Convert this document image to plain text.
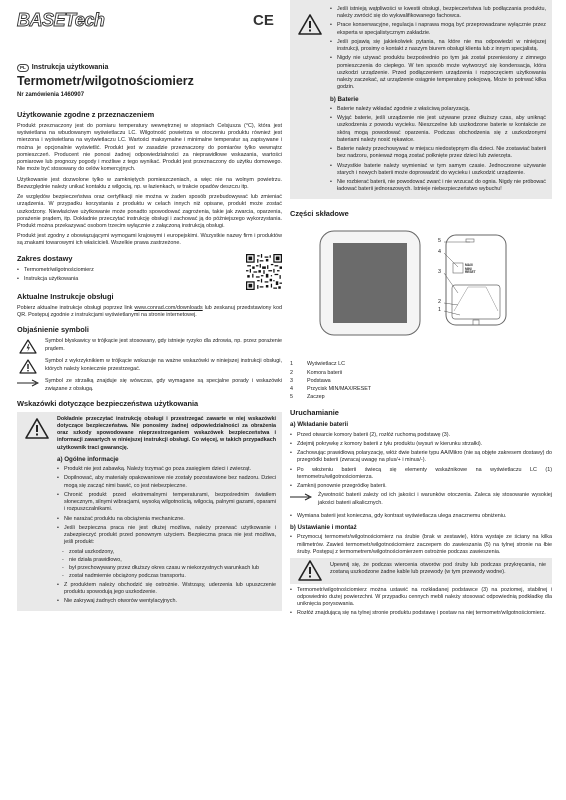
BASETech	CE
PL Instrukcja użytkowania
Termometr/wilgotnościomierz
Nr zamówienia 1460907
Użytkowanie zgodne z przeznaczeniem

Produkt przeznaczony jest do pomiaru temperatury wewnętrznej w stopniach Celsjusza (°C), która jest wyświetlana na wbudowanym wyświetlaczu LC. Wilgotność powietrza w otoczeniu produktu również jest mierzona i wyświetlana na wyświetlaczu LC. Wartości maksymalne i minimalne temperatur są zapisywane i można je opcjonalnie wyświetlić. Produkt jest w zasadzie przeznaczony do pomiarów tylko wewnątrz pomieszczeń. Producent nie ponosi żadnej odpowiedzialności za nieprawidłowe wskazania, wartości pomiarowe lub prognozy pogody i możliwe z tego wynikać. Produkt jest przeznaczony do użytku domowego. Nie może być stosowany do celów komercyjnych.

Użytkowanie jest dozwolone tylko w zamkniętych pomieszczeniach, a więc nie na wolnym powietrzu. Bezwzględnie należy unikać kontaktu z wilgocią, np. w łazienkach, w trakcie opadów deszczu itp.

Ze względów bezpieczeństwa oraz certyfikacji nie można w żaden sposób przebudowywać lub zmieniać urządzenia. W przypadku korzystania z produktu w celach innych niż opisane, produkt może zostać uszkodzony. Niewłaściwe użytkowanie może ponadto spowodować zagrożenia, takie jak zwarcia, oparzenia, porażenie prądem, itp. Dokładnie przeczytać instrukcję obsługi i zachować ją do późniejszego wykorzystania. Produkt można przekazywać osobom trzecim wyłącznie z załączoną instrukcją obsługi.

Produkt jest zgodny z obowiązującymi wymogami krajowymi i europejskimi. Wszystkie nazwy firm i produktów są znakami towarowymi ich właścicieli. Wszelkie prawa zastrzeżone.

Zakres dostawy
• Termometr/wilgotnościomierz
• Instrukcja użytkowania
Aktualne Instrukcje obsługi

Pobierz aktualne instrukcje obsługi poprzez link www.conrad.com/downloads lub zeskanuj przedstawiony kod QR. Postępuj zgodnie z instrukcjami wyświetlanymi na stronie internetowej.

Objaśnienie symboli

Symbol błyskawicy w trójkącie jest stosowany, gdy istnieje ryzyko dla zdrowia, np. przez porażenie prądem.

Symbol z wykrzyknikiem w trójkącie wskazuje na ważne wskazówki w niniejszej instrukcji obsługi, których należy koniecznie przestrzegać.

Symbol ze strzałką znajduje się wówczas, gdy wymagane są specjalne porady i wskazówki związane z obsługą.

Wskazówki dotyczące bezpieczeństwa użytkowania
Dokładnie przeczytać instrukcję obsługi i przestrzegać zawarte w niej wskazówki dotyczące bezpieczeństwa. Nie ponosimy żadnej odpowiedzialności za obrażenia oraz szkody spowodowane nieprzestrzeganiem wskazówek bezpieczeństwa i informacji zawartych w niniejszej instrukcji obsługi. Co więcej, w takich przypadkach użytkownik traci gwarancję.
a) Ogólne informacje
• Produkt nie jest zabawką. Należy trzymać go poza zasięgiem dzieci i zwierząt.
• Dopilnować, aby materiały opakowaniowe nie zostały pozostawione bez nadzoru. Dzieci mogą się zacząć nimi bawić, co jest niebezpieczne.
• Chronić produkt przed ekstremalnymi temperaturami, bezpośrednim światłem słonecznym, silnymi wibracjami, wysoką wilgotnością, wilgocią, palnymi gazami, oparami i rozpuszczalnikami.
• Nie narażać produktu na obciążenia mechaniczne.
• Jeśli bezpieczna praca nie jest dłużej możliwa, należy przerwać użytkowanie i zabezpieczyć produkt przed ponownym użyciem. Bezpieczna praca nie jest możliwa, jeśli produkt:
- został uszkodzony,
- nie działa prawidłowo,
- był przechowywany przez dłuższy okres czasu w niekorzystnych warunkach lub
- został nadmiernie obciążony podczas transportu.
• Z produktem należy obchodzić się ostrożnie. Wstrząsy, uderzenia lub upuszczenie produktu spowodują jego uszkodzenie.
• Nie zakrywaj żadnych otworów wentylacyjnych.
• Jeśli istnieją wątpliwości w kwestii obsługi, bezpieczeństwa lub podłączania produktu, należy zwrócić się do wykwalifikowanego fachowca.
• Prace konserwacyjne, regulacja i naprawa mogą być przeprowadzane wyłącznie przez eksperta w specjalistycznym zakładzie.
• Jeśli pojawią się jakiekolwiek pytania, na które nie ma odpowiedzi w niniejszej instrukcji, prosimy o kontakt z naszym biurem obsługi klienta lub z innym specjalistą.
• Nigdy nie używać produktu bezpośrednio po tym jak został przeniesiony z zimnego pomieszczenia do ciepłego. W ten sposób może wytworzyć się kondensacja, która uszkodzi urządzenie. Przed podłączeniem urządzenia i rozpoczęciem użytkowania należy zaczekać, aż urządzenie osiągnie temperaturę pokojową. Może to potrwać kilka godzin.
b) Baterie
• Baterie należy wkładać zgodnie z właściwą polaryzacją.
• Wyjąć baterie, jeśli urządzenie nie jest używane przez dłuższy czas, aby uniknąć uszkodzenia z powodu wycieku. Nieszczelne lub uszkodzone baterie w kontakcie ze skórą mogą powodować oparzenia. Podczas obchodzenia się z uszkodzonymi bateriami należy nosić rękawice.
• Baterie należy przechowywać w miejscu niedostępnym dla dzieci. Nie zostawiać baterii bez nadzoru, ponieważ mogą zostać połknięte przez dzieci lub zwierzęta.
• Wszystkie baterie należy wymieniać w tym samym czasie. Jednoczesne używanie starych i nowych baterii może doprowadzić do wycieku i uszkodzić urządzenie.
• Nie rozbierać baterii, nie powodować zwarć i nie wrzucać do ognia. Nigdy nie próbować ładować baterii jednorazowych. Istnieje niebezpieczeństwo wybuchu!
Części składowe
MAX/
MIN/
RESET
5
4
3
2
1
1	Wyświetlacz LC
2	Komora baterii
3	Podstawa
4	Przycisk MIN/MAX/RESET
5	Zaczep
Uruchamianie
a) Wkładanie baterii
• Przed otwarcie komory baterii (2), rozłóż ruchomą podstawę (3).
• Zdejmij pokrywkę z komory baterii z tyłu produktu (wysuń w kierunku strzałki).
• Zachowując prawidłową polaryzację, włóż dwie baterie typu AA/Mikro (nie są objęte zakresem dostawy) do przegródki baterii (zwracaj uwagę na plus/+ i minus/-).
• Po włożeniu baterii świecą się elementy wskaźnikowe na wyświetlaczu LC (1) termometru/wilgotnościomierza.
• Zamknij ponownie przegródkę baterii.

Żywotność baterii zależy od ich jakości i warunków otoczenia. Zaleca się stosowanie wysokiej jakości baterii alkalicznych.

• Wymiana baterii jest konieczna, gdy kontrast wyświetlacza ulega znacznemu obniżeniu.
b) Ustawianie i montaż
• Przymocuj termometr/wilgotnościomierz na śrubie (brak w zestawie), która wystaje ze ściany na kilka milimetrów. Zawieś termometr/wilgotnościomierz zaczepem do zawieszania (5) na tylnej stronie na łbie śruby. Postępuj z termometrem/wilgotnościomierzem ostrożnie podczas zawieszenia.

Upewnij się, że podczas wiercenia otworów pod śruby lub podczas przykręcania, nie zostaną uszkodzone żadne kable lub przewody (w tym przewody wodne).

• Termometr/wilgotnościomierz można ustawić na rozkładanej podstawce (3) na poziomej, stabilnej i odpowiednio dużej powierzchni. W przypadku cennych mebli należy stosować odpowiednią podkładkę dla uniknięcia porysowania.
• Rozłóż znajdującą się na tylnej stronie produktu podstawę i postaw na niej termometr/wilgotnościomierz.
